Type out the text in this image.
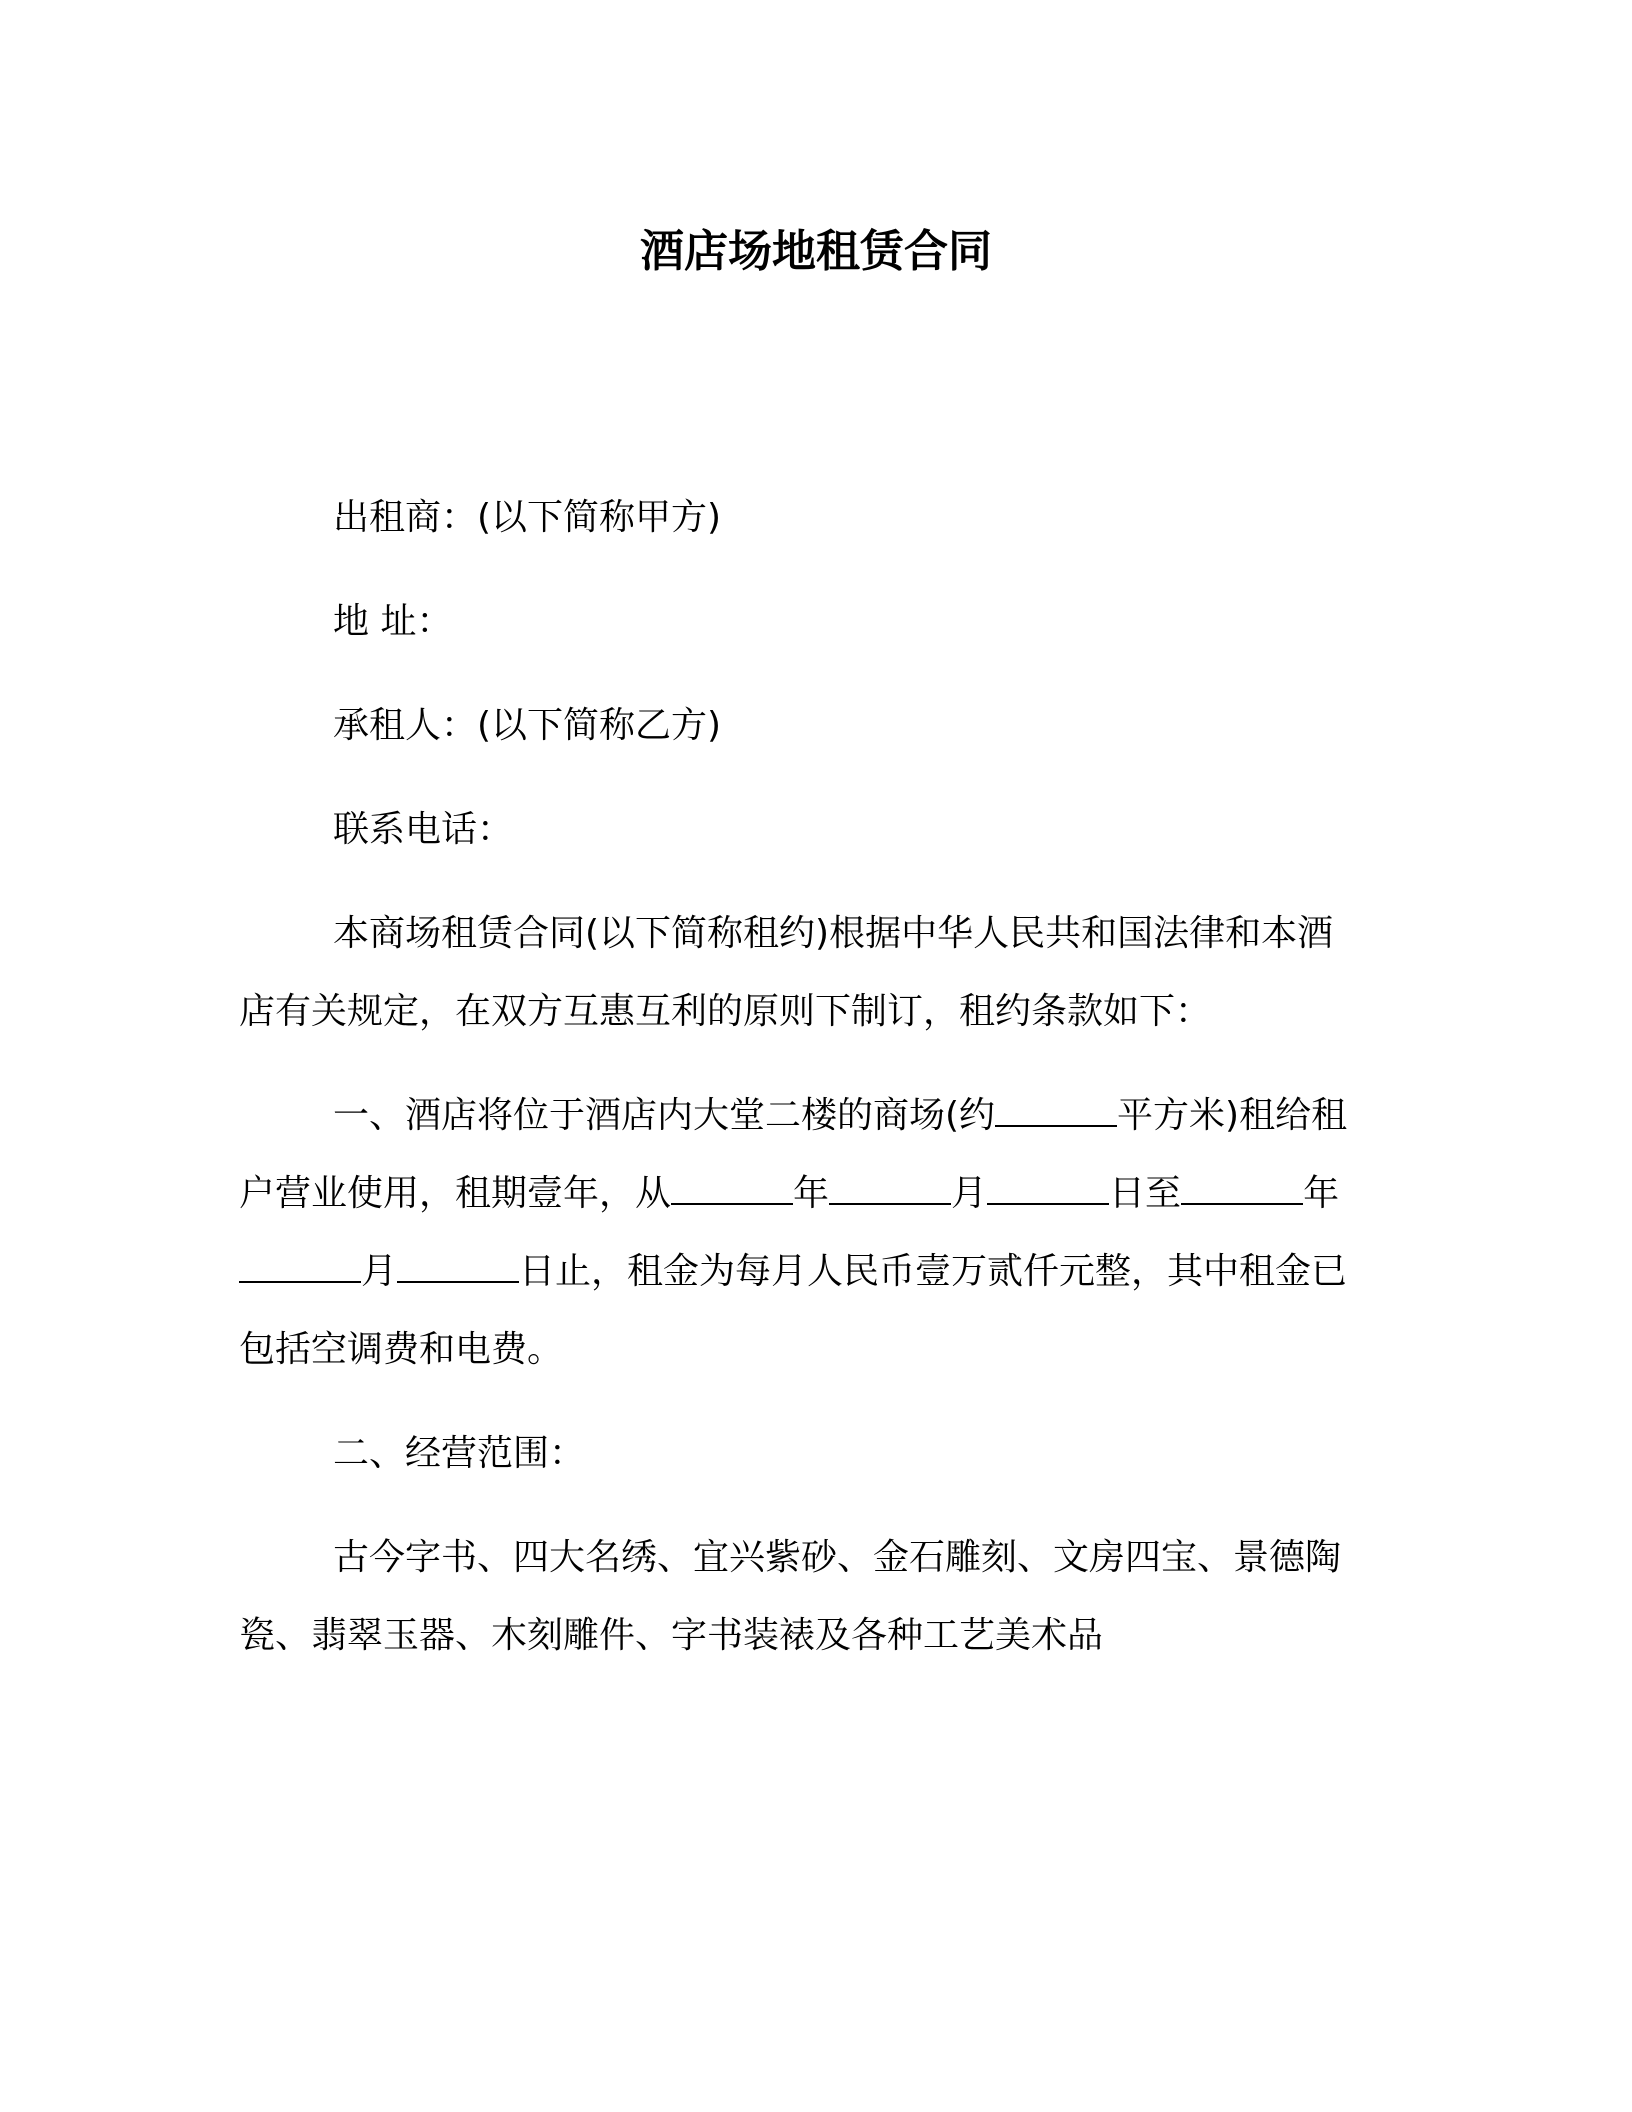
酒店场地租赁合同

出租商：(以下简称甲方)

地 址：

承租人：(以下简称乙方)

联系电话：

本商场租赁合同(以下简称租约)根据中华人民共和国法律和本酒

店有关规定，在双方互惠互利的原则下制订，租约条款如下：

一、酒店将位于酒店内大堂二楼的商场(约	平方米)租给租

户营业使用，租期壹年，从	年	月	日至	年

月	日止，租金为每月人民币壹万贰仟元整，其中租金已

包括空调费和电费。

二、经营范围：

古今字书、四大名绣、宜兴紫砂、金石雕刻、文房四宝、景德陶

瓷、翡翠玉器、木刻雕件、字书装裱及各种工艺美术品
